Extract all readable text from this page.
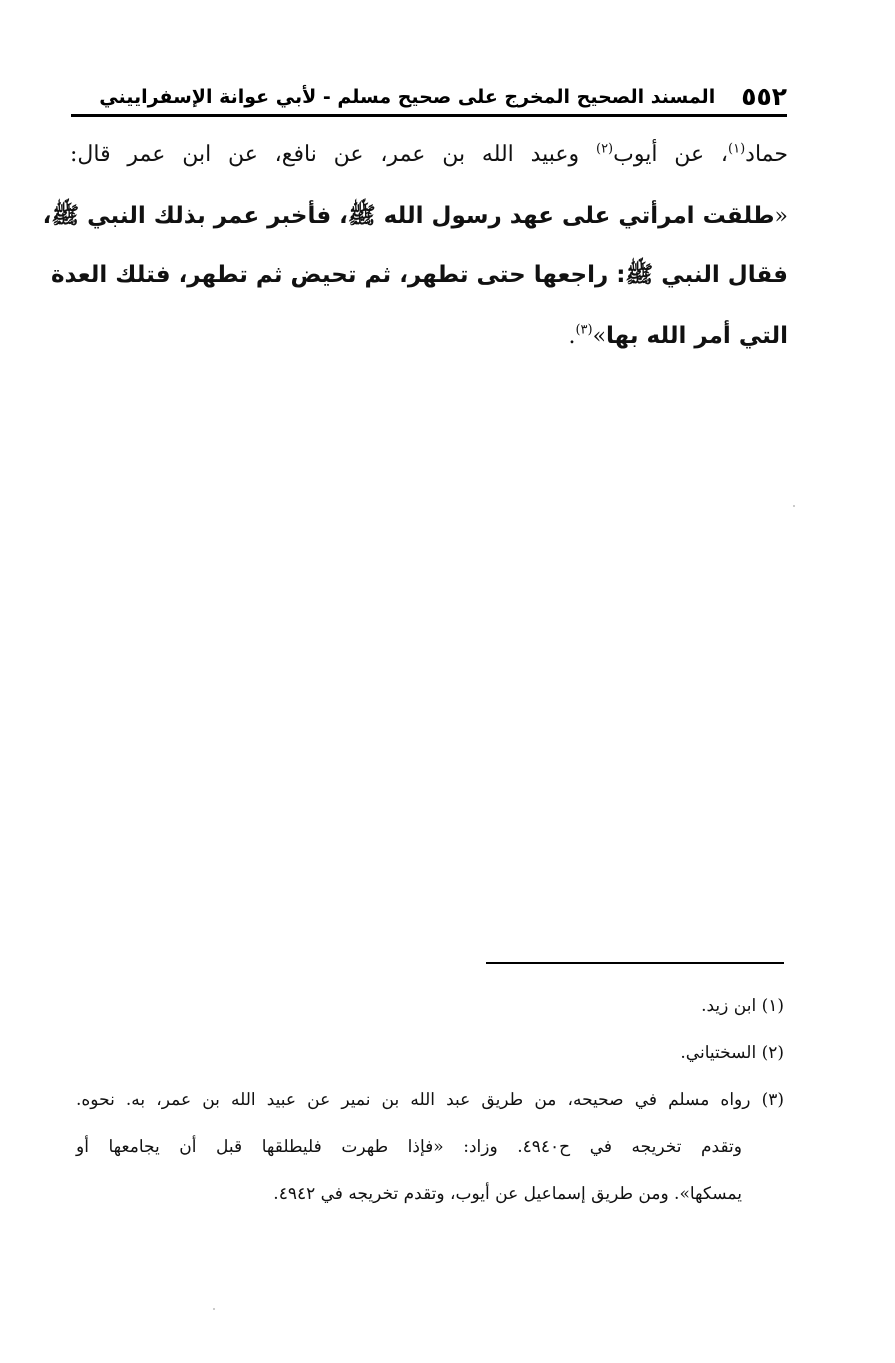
٥٥٢
المسند الصحيح المخرج على صحيح مسلم - لأبي عوانة الإسفراييني
حماد$^{(١)}$، عن أيوب$^{(٢)}$ وعبيد الله بن عمر، عن نافع، عن ابن عمر قال:
«طلقت امرأتي على عهد رسول الله ﷺ، فأخبر عمر بذلك النبي ﷺ،
فقال النبي ﷺ: راجعها حتى تطهر، ثم تحيض ثم تطهر، فتلك العدة
التي أمر الله بها»$^{(٣)}$.
(١) ابن زيد.
(٢) السختياني.
(٣) رواه مسلم في صحيحه، من طريق عبد الله بن نمير عن عبيد الله بن عمر، به. نحوه.
وتقدم تخريجه في ح٤٩٤٠. وزاد: «فإذا طهرت فليطلقها قبل أن يجامعها أو
يمسكها». ومن طريق إسماعيل عن أيوب، وتقدم تخريجه في ٤٩٤٢.
